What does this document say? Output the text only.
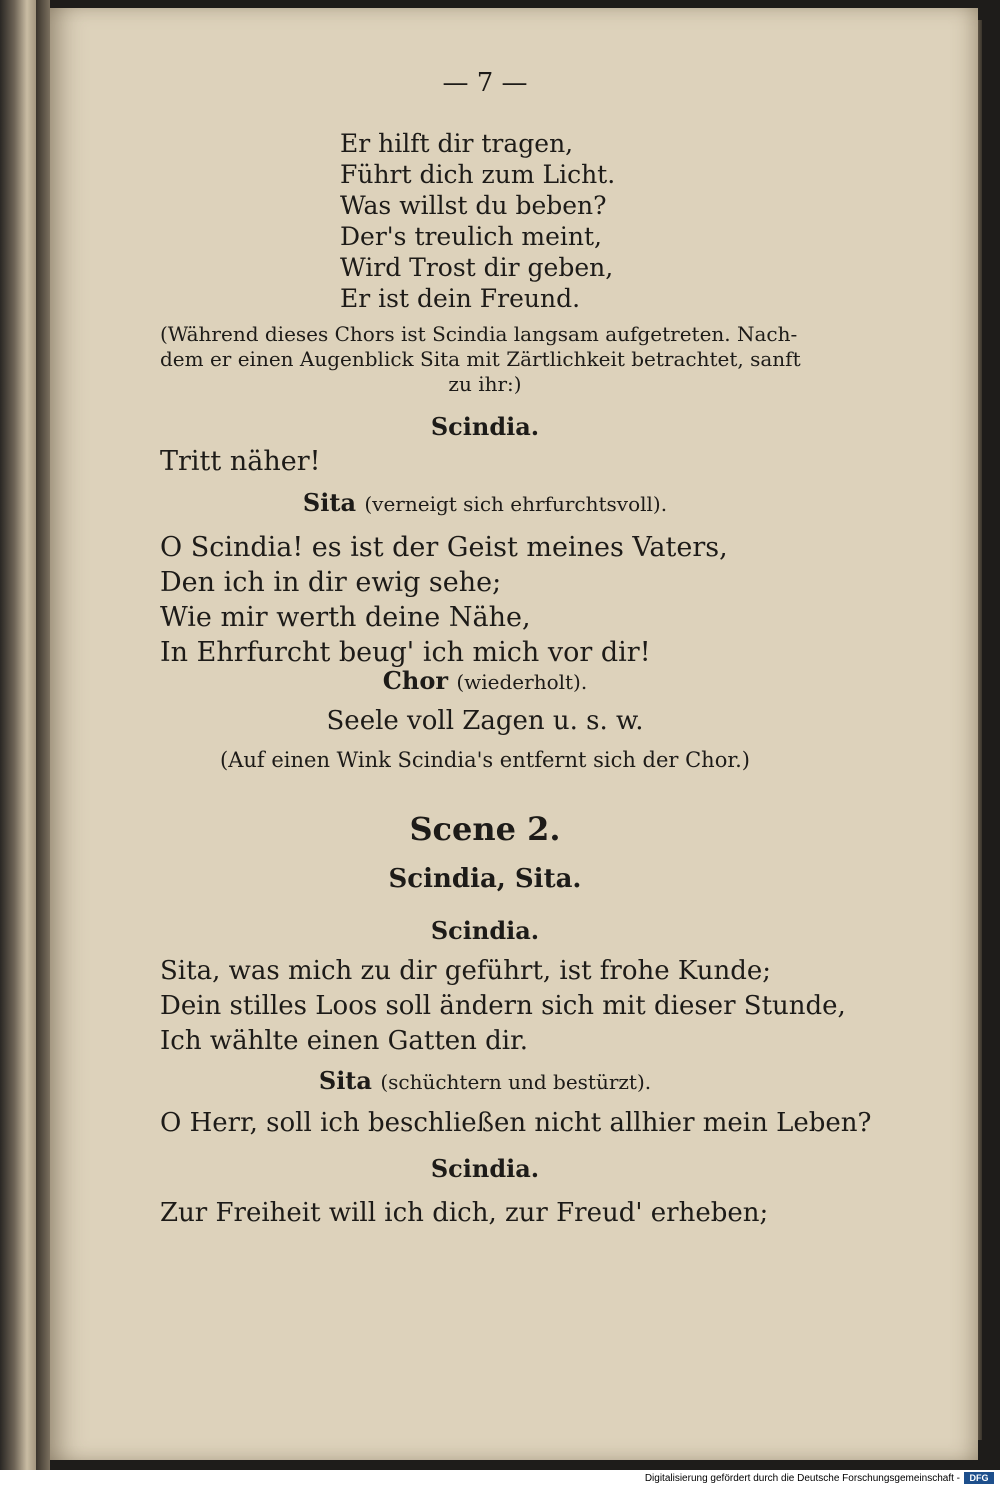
— 7 —
Er hilft dir tragen,
Führt dich zum Licht.
Was willst du beben?
Der's treulich meint,
Wird Trost dir geben,
Er ist dein Freund.
(Während dieses Chors ist Scindia langsam aufgetreten. Nach-
dem er einen Augenblick Sita mit Zärtlichkeit betrachtet, sanft
zu ihr:)
Scindia.
Tritt näher!
Sita (verneigt sich ehrfurchtsvoll).
O Scindia! es ist der Geist meines Vaters,
Den ich in dir ewig sehe;
Wie mir werth deine Nähe,
In Ehrfurcht beug' ich mich vor dir!
Chor (wiederholt).
Seele voll Zagen u. s. w.
(Auf einen Wink Scindia's entfernt sich der Chor.)
Scene 2.
Scindia, Sita.
Scindia.
Sita, was mich zu dir geführt, ist frohe Kunde;
Dein stilles Loos soll ändern sich mit dieser Stunde,
Ich wählte einen Gatten dir.
Sita (schüchtern und bestürzt).
O Herr, soll ich beschließen nicht allhier mein Leben?
Scindia.
Zur Freiheit will ich dich, zur Freud' erheben;
Digitalisierung gefördert durch die Deutsche Forschungsgemeinschaft -	DFG
